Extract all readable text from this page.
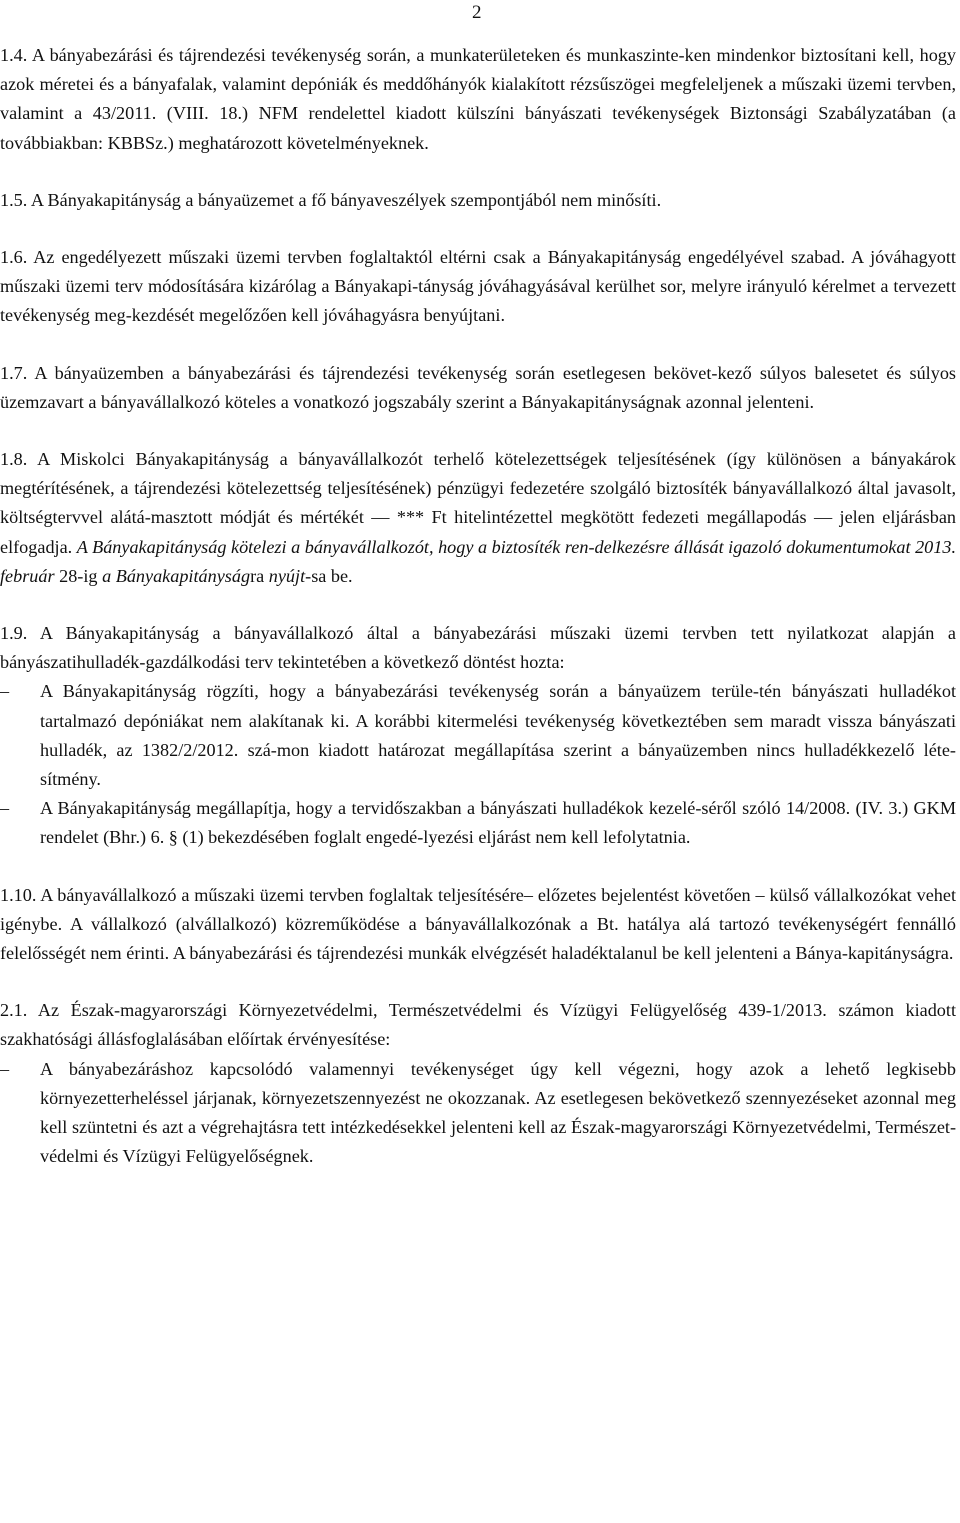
2

1.4. A bányabezárási és tájrendezési tevékenység során, a munkaterületeken és munkaszinte-ken mindenkor biztosítani kell, hogy azok méretei és a bányafalak, valamint depóniák és meddőhányók kialakított rézsűszögei megfeleljenek a műszaki üzemi tervben, valamint a 43/2011. (VIII. 18.) NFM rendelettel kiadott külszíni bányászati tevékenységek Biztonsági Szabályzatában (a továbbiakban: KBBSz.) meghatározott követelményeknek.

1.5. A Bányakapitányság a bányaüzemet a fő bányaveszélyek szempontjából nem minősíti.

1.6. Az engedélyezett műszaki üzemi tervben foglaltaktól eltérni csak a Bányakapitányság engedélyével szabad. A jóváhagyott műszaki üzemi terv módosítására kizárólag a Bányakapi-tányság jóváhagyásával kerülhet sor, melyre irányuló kérelmet a tervezett tevékenység meg-kezdését megelőzően kell jóváhagyásra benyújtani.

1.7. A bányaüzemben a bányabezárási és tájrendezési tevékenység során esetlegesen bekövet-kező súlyos balesetet és súlyos üzemzavart a bányavállalkozó köteles a vonatkozó jogszabály szerint a Bányakapitányságnak azonnal jelenteni.

1.8. A Miskolci Bányakapitányság a bányavállalkozót terhelő kötelezettségek teljesítésének (így különösen a bányakárok megtérítésének, a tájrendezési kötelezettség teljesítésének) pénzügyi fedezetére szolgáló biztosíték bányavállalkozó által javasolt, költségtervvel alátá-masztott módját és mértékét — *** Ft hitelintézettel megkötött fedezeti megállapodás — jelen eljárásban elfogadja. A Bányakapitányság kötelezi a bányavállalkozót, hogy a biztosíték ren-delkezésre állását igazoló dokumentumokat 2013. február 28-ig a Bányakapitányságra nyújt-sa be.

1.9. A Bányakapitányság a bányavállalkozó által a bányabezárási műszaki üzemi tervben tett nyilatkozat alapján a bányászatihulladék-gazdálkodási terv tekintetében a következő döntést hozta:

–	A Bányakapitányság rögzíti, hogy a bányabezárási tevékenység során a bányaüzem terüle-tén bányászati hulladékot tartalmazó depóniákat nem alakítanak ki. A korábbi kitermelési tevékenység következtében sem maradt vissza bányászati hulladék, az 1382/2/2012. szá-mon kiadott határozat megállapítása szerint a bányaüzemben nincs hulladékkezelő léte-sítmény.
–	A Bányakapitányság megállapítja, hogy a tervidőszakban a bányászati hulladékok kezelé-séről szóló 14/2008. (IV. 3.) GKM rendelet (Bhr.) 6. § (1) bekezdésében foglalt engedé-lyezési eljárást nem kell lefolytatnia.

1.10. A bányavállalkozó a műszaki üzemi tervben foglaltak teljesítésére– előzetes bejelentést követően – külső vállalkozókat vehet igénybe. A vállalkozó (alvállalkozó) közreműködése a bányavállalkozónak a Bt. hatálya alá tartozó tevékenységért fennálló felelősségét nem érinti. A bányabezárási és tájrendezési munkák elvégzését haladéktalanul be kell jelenteni a Bánya-kapitányságra.

2.1. Az Észak-magyarországi Környezetvédelmi, Természetvédelmi és Vízügyi Felügyelőség 439-1/2013. számon kiadott szakhatósági állásfoglalásában előírtak érvényesítése:

–	A bányabezáráshoz kapcsolódó valamennyi tevékenységet úgy kell végezni, hogy azok a lehető legkisebb környezetterheléssel járjanak, környezetszennyezést ne okozzanak. Az esetlegesen bekövetkező szennyezéseket azonnal meg kell szüntetni és azt a végrehajtásra tett intézkedésekkel jelenteni kell az Észak-magyarországi Környezetvédelmi, Természet-védelmi és Vízügyi Felügyelőségnek.
